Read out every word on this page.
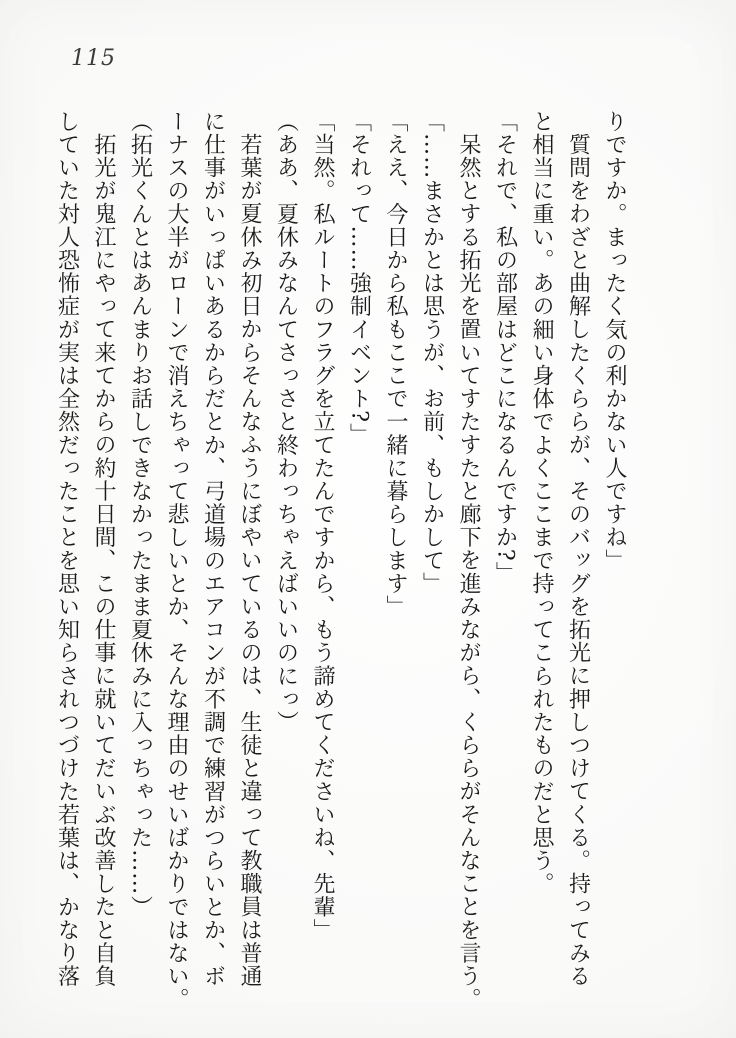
115

りですか。まったく気の利かない人ですね」

質問をわざと曲解したくららが、そのバッグを拓光に押しつけてくる。持ってみる

と相当に重い。あの細い身体でよくここまで持ってこられたものだと思う。

「それで、私の部屋はどこになるんですか?」

呆然とする拓光を置いてすたすたと廊下を進みながら、くららがそんなことを言う。

「……まさかとは思うが、お前、もしかして」

「ええ、今日から私もここで一緒に暮らします」

「それって……強制イベント?」

「当然。私ルートのフラグを立てたんですから、もう諦めてくださいね、先輩」

（ああ、夏休みなんてさっさと終わっちゃえばいいのにっ）

若葉が夏休み初日からそんなふうにぼやいているのは、生徒と違って教職員は普通

に仕事がいっぱいあるからだとか、弓道場のエアコンが不調で練習がつらいとか、ボ

ーナスの大半がローンで消えちゃって悲しいとか、そんな理由のせいばかりではない。

（拓光くんとはあんまりお話しできなかったまま夏休みに入っちゃった……）

拓光が鬼江にやって来てからの約十日間、この仕事に就いてだいぶ改善したと自負

していた対人恐怖症が実は全然だったことを思い知らされつづけた若葉は、かなり落
